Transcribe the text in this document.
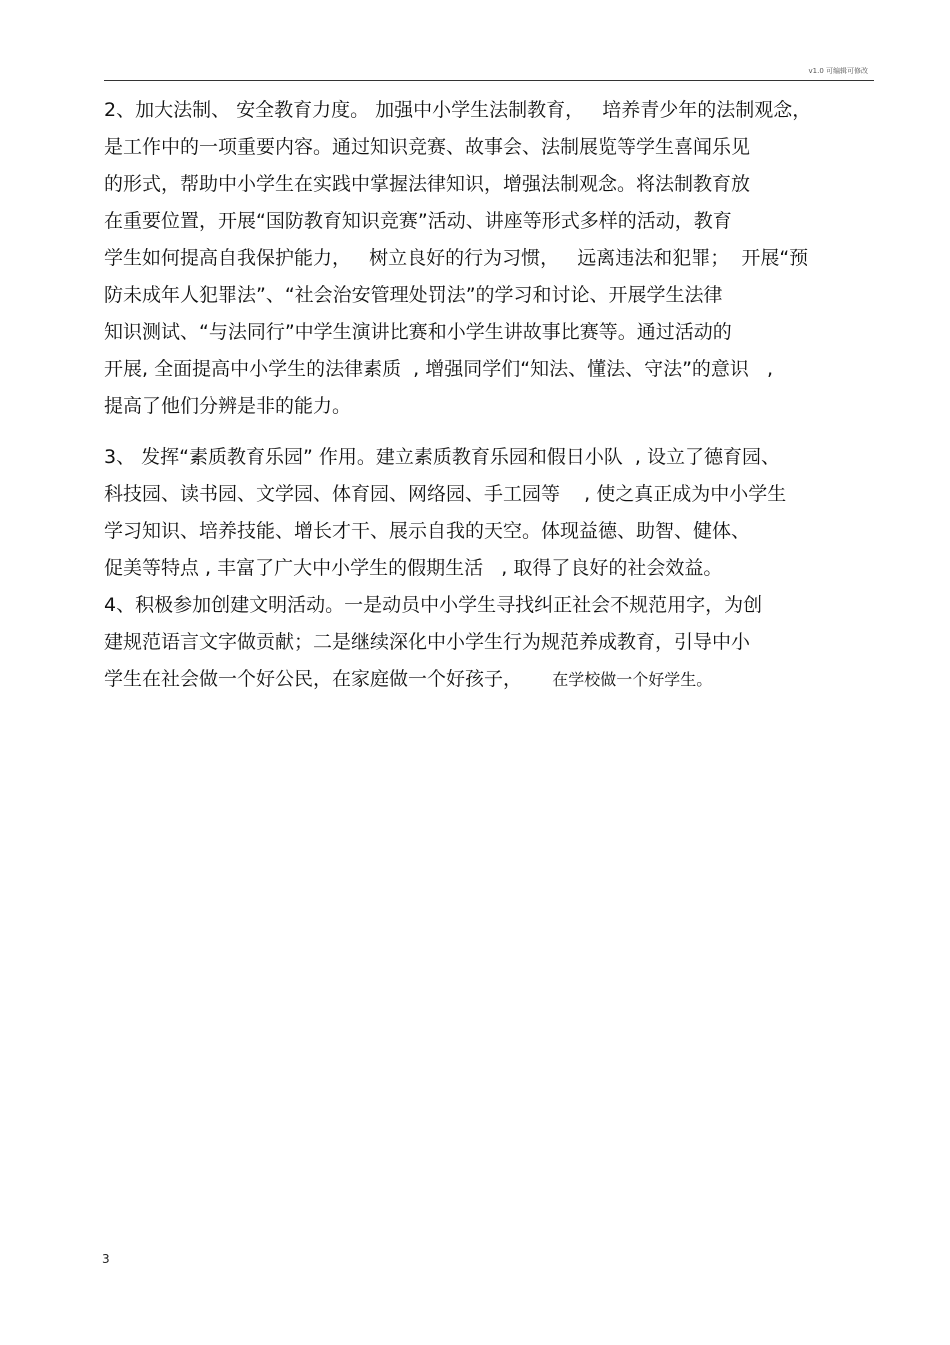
v1.0 可编辑可修改
2、加大法制、 安全教育力度。 加强中小学生法制教育，   培养青少年的法制观念，
是工作中的一项重要内容。通过知识竞赛、故事会、法制展览等学生喜闻乐见
的形式，帮助中小学生在实践中掌握法律知识，增强法制观念。将法制教育放
在重要位置，开展“国防教育知识竞赛”活动、讲座等形式多样的活动，教育
学生如何提高自我保护能力，   树立良好的行为习惯，   远离违法和犯罪；  开展“预
防未成年人犯罪法”、“社会治安管理处罚法”的学习和讨论、开展学生法律
知识测试、“与法同行”中学生演讲比赛和小学生讲故事比赛等。通过活动的
开展, 全面提高中小学生的法律素质  , 增强同学们“知法、懂法、守法”的意识   ,
提高了他们分辨是非的能力。
3、 发挥“素质教育乐园” 作用。建立素质教育乐园和假日小队  , 设立了德育园、
科技园、读书园、文学园、体育园、网络园、手工园等    , 使之真正成为中小学生
学习知识、培养技能、增长才干、展示自我的天空。体现益德、助智、健体、
促美等特点 , 丰富了广大中小学生的假期生活   , 取得了良好的社会效益。
4、积极参加创建文明活动。一是动员中小学生寻找纠正社会不规范用字，为创
建规范语言文字做贡献；二是继续深化中小学生行为规范养成教育，引导中小
学生在社会做一个好公民，在家庭做一个好孩子，     在学校做一个好学生。
3
